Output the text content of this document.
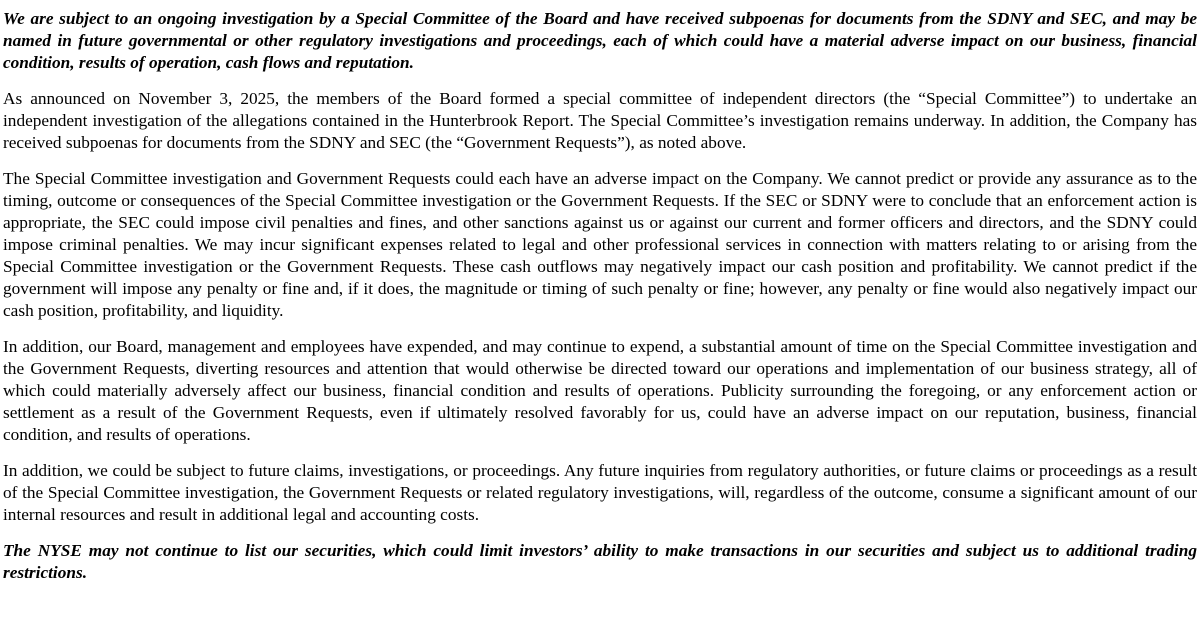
We are subject to an ongoing investigation by a Special Committee of the Board and have received subpoenas for documents from the SDNY and SEC, and may be named in future governmental or other regulatory investigations and proceedings, each of which could have a material adverse impact on our business, financial condition, results of operation, cash flows and reputation.

As announced on November 3, 2025, the members of the Board formed a special committee of independent directors (the “Special Committee”) to undertake an independent investigation of the allegations contained in the Hunterbrook Report. The Special Committee’s investigation remains underway. In addition, the Company has received subpoenas for documents from the SDNY and SEC (the “Government Requests”), as noted above.

The Special Committee investigation and Government Requests could each have an adverse impact on the Company. We cannot predict or provide any assurance as to the timing, outcome or consequences of the Special Committee investigation or the Government Requests. If the SEC or SDNY were to conclude that an enforcement action is appropriate, the SEC could impose civil penalties and fines, and other sanctions against us or against our current and former officers and directors, and the SDNY could impose criminal penalties. We may incur significant expenses related to legal and other professional services in connection with matters relating to or arising from the Special Committee investigation or the Government Requests. These cash outflows may negatively impact our cash position and profitability. We cannot predict if the government will impose any penalty or fine and, if it does, the magnitude or timing of such penalty or fine; however, any penalty or fine would also negatively impact our cash position, profitability, and liquidity.

In addition, our Board, management and employees have expended, and may continue to expend, a substantial amount of time on the Special Committee investigation and the Government Requests, diverting resources and attention that would otherwise be directed toward our operations and implementation of our business strategy, all of which could materially adversely affect our business, financial condition and results of operations. Publicity surrounding the foregoing, or any enforcement action or settlement as a result of the Government Requests, even if ultimately resolved favorably for us, could have an adverse impact on our reputation, business, financial condition, and results of operations.

In addition, we could be subject to future claims, investigations, or proceedings. Any future inquiries from regulatory authorities, or future claims or proceedings as a result of the Special Committee investigation, the Government Requests or related regulatory investigations, will, regardless of the outcome, consume a significant amount of our internal resources and result in additional legal and accounting costs.

The NYSE may not continue to list our securities, which could limit investors’ ability to make transactions in our securities and subject us to additional trading restrictions.
